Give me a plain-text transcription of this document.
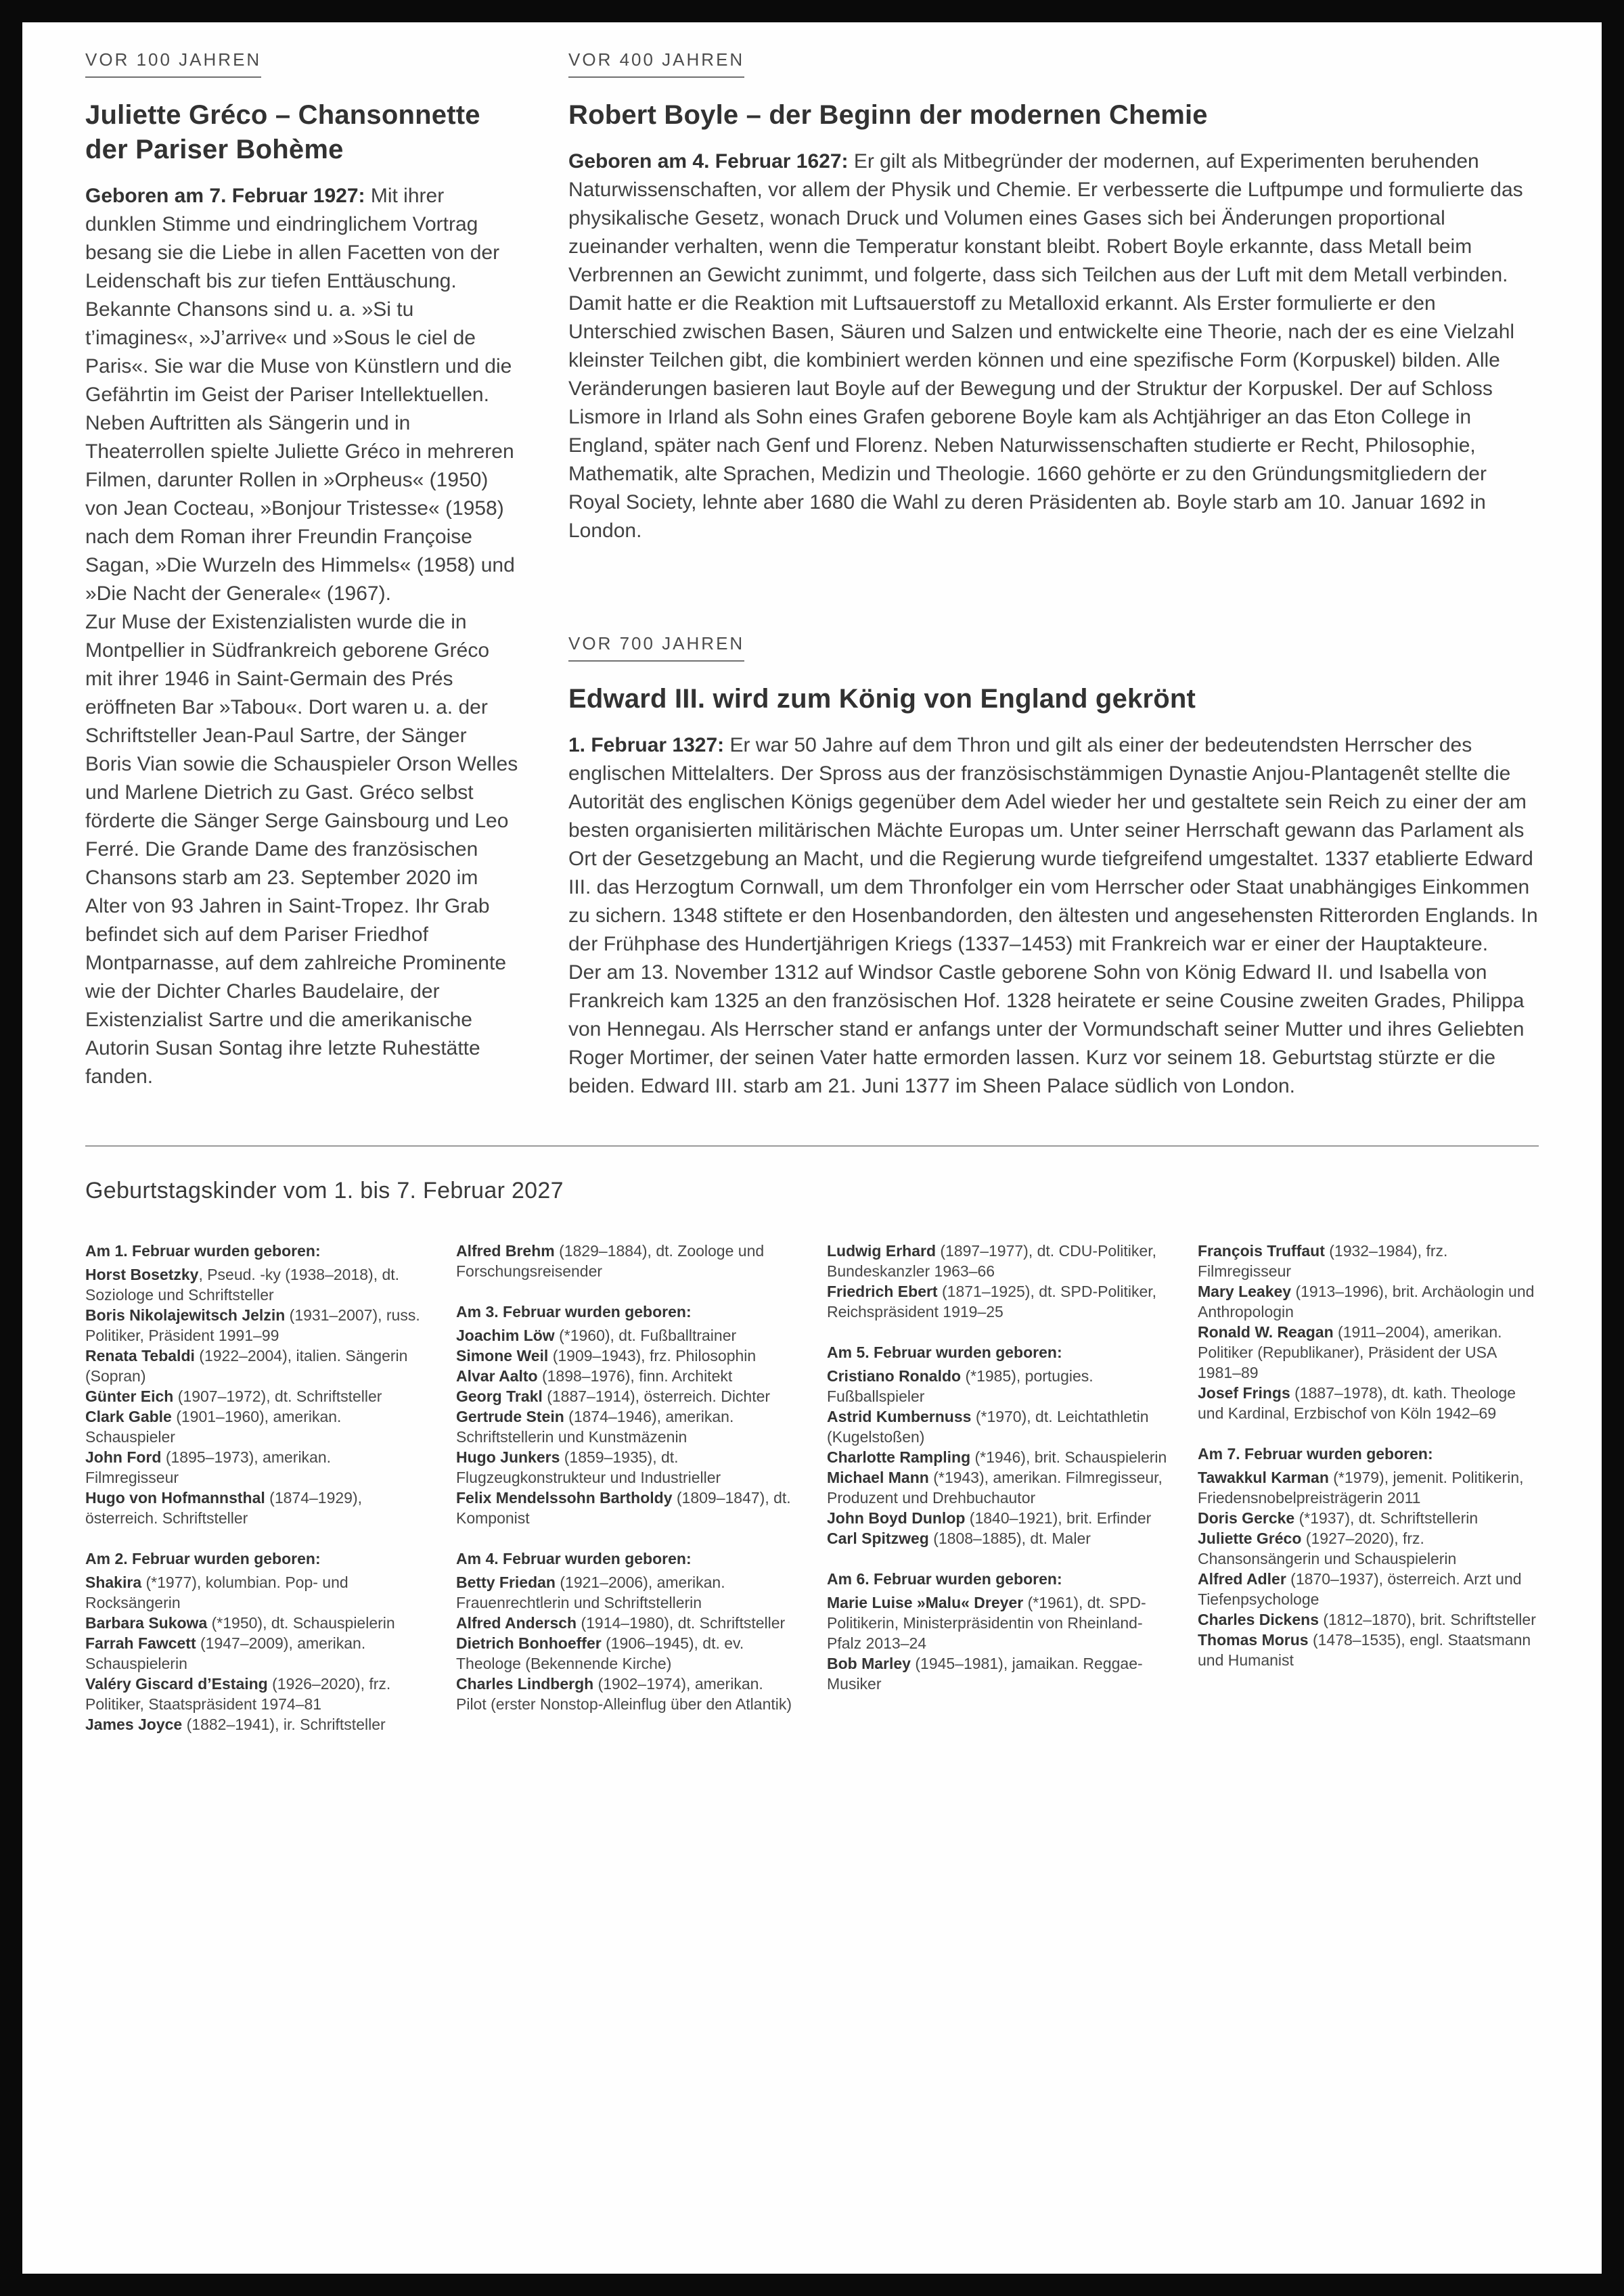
VOR 100 JAHREN
Juliette Gréco – Chansonnette der Pariser Bohème

Geboren am 7. Februar 1927: Mit ihrer dunklen Stimme und eindringlichem Vortrag besang sie die Liebe in allen Facetten von der Leidenschaft bis zur tiefen Enttäuschung. Bekannte Chansons sind u. a. »Si tu t’imagines«, »J’arrive« und »Sous le ciel de Paris«. Sie war die Muse von Künstlern und die Gefährtin im Geist der Pariser Intellektuellen. Neben Auftritten als Sängerin und in Theaterrollen spielte Juliette Gréco in mehreren Filmen, darunter Rollen in »Orpheus« (1950) von Jean Cocteau, »Bonjour Tristesse« (1958) nach dem Roman ihrer Freundin Françoise Sagan, »Die Wurzeln des Himmels« (1958) und »Die Nacht der Generale« (1967).

Zur Muse der Existenzialisten wurde die in Montpellier in Südfrankreich geborene Gréco mit ihrer 1946 in Saint-Germain des Prés eröffneten Bar »Tabou«. Dort waren u. a. der Schriftsteller Jean-Paul Sartre, der Sänger Boris Vian sowie die Schauspieler Orson Welles und Marlene Dietrich zu Gast. Gréco selbst förderte die Sänger Serge Gainsbourg und Leo Ferré. Die Grande Dame des französischen Chansons starb am 23. September 2020 im Alter von 93 Jahren in Saint-Tropez. Ihr Grab befindet sich auf dem Pariser Friedhof Montparnasse, auf dem zahlreiche Prominente wie der Dichter Charles Baudelaire, der Existenzialist Sartre und die amerikanische Autorin Susan Sontag ihre letzte Ruhestätte fanden.

VOR 400 JAHREN
Robert Boyle – der Beginn der modernen Chemie

Geboren am 4. Februar 1627: Er gilt als Mitbegründer der modernen, auf Experimenten beruhenden Naturwissenschaften, vor allem der Physik und Chemie. Er verbesserte die Luftpumpe und formulierte das physikalische Gesetz, wonach Druck und Volumen eines Gases sich bei Änderungen proportional zueinander verhalten, wenn die Temperatur konstant bleibt. Robert Boyle erkannte, dass Metall beim Verbrennen an Gewicht zunimmt, und folgerte, dass sich Teilchen aus der Luft mit dem Metall verbinden. Damit hatte er die Reaktion mit Luftsauerstoff zu Metalloxid erkannt. Als Erster formulierte er den Unterschied zwischen Basen, Säuren und Salzen und entwickelte eine Theorie, nach der es eine Vielzahl kleinster Teilchen gibt, die kombiniert werden können und eine spezifische Form (Korpuskel) bilden. Alle Veränderungen basieren laut Boyle auf der Bewegung und der Struktur der Korpuskel. Der auf Schloss Lismore in Irland als Sohn eines Grafen geborene Boyle kam als Achtjähriger an das Eton College in England, später nach Genf und Florenz. Neben Naturwissenschaften studierte er Recht, Philosophie, Mathematik, alte Sprachen, Medizin und Theologie. 1660 gehörte er zu den Gründungsmitgliedern der Royal Society, lehnte aber 1680 die Wahl zu deren Präsidenten ab. Boyle starb am 10. Januar 1692 in London.

VOR 700 JAHREN
Edward III. wird zum König von England gekrönt

1. Februar 1327: Er war 50 Jahre auf dem Thron und gilt als einer der bedeutendsten Herrscher des englischen Mittelalters. Der Spross aus der französischstämmigen Dynastie Anjou-Plantagenêt stellte die Autorität des englischen Königs gegenüber dem Adel wieder her und gestaltete sein Reich zu einer der am besten organisierten militärischen Mächte Europas um. Unter seiner Herrschaft gewann das Parlament als Ort der Gesetzgebung an Macht, und die Regierung wurde tiefgreifend umgestaltet. 1337 etablierte Edward III. das Herzogtum Cornwall, um dem Thronfolger ein vom Herrscher oder Staat unabhängiges Einkommen zu sichern. 1348 stiftete er den Hosenbandorden, den ältesten und angesehensten Ritterorden Englands. In der Frühphase des Hundertjährigen Kriegs (1337–1453) mit Frankreich war er einer der Hauptakteure.

Der am 13. November 1312 auf Windsor Castle geborene Sohn von König Edward II. und Isabella von Frankreich kam 1325 an den französischen Hof. 1328 heiratete er seine Cousine zweiten Grades, Philippa von Hennegau. Als Herrscher stand er anfangs unter der Vormundschaft seiner Mutter und ihres Geliebten Roger Mortimer, der seinen Vater hatte ermorden lassen. Kurz vor seinem 18. Geburtstag stürzte er die beiden. Edward III. starb am 21. Juni 1377 im Sheen Palace südlich von London.

Geburtstagskinder vom 1. bis 7. Februar 2027
Am 1. Februar wurden geboren:
Horst Bosetzky, Pseud. -ky (1938–2018), dt. Soziologe und Schriftsteller
Boris Nikolajewitsch Jelzin (1931–2007), russ. Politiker, Präsident 1991–99
Renata Tebaldi (1922–2004), italien. Sängerin (Sopran)
Günter Eich (1907–1972), dt. Schriftsteller
Clark Gable (1901–1960), amerikan. Schauspieler
John Ford (1895–1973), amerikan. Filmregisseur
Hugo von Hofmannsthal (1874–1929), österreich. Schriftsteller
Am 2. Februar wurden geboren:
Shakira (*1977), kolumbian. Pop- und Rocksängerin
Barbara Sukowa (*1950), dt. Schauspielerin
Farrah Fawcett (1947–2009), amerikan. Schauspielerin
Valéry Giscard d’Estaing (1926–2020), frz. Politiker, Staatspräsident 1974–81
James Joyce (1882–1941), ir. Schriftsteller
Alfred Brehm (1829–1884), dt. Zoologe und Forschungsreisender
Am 3. Februar wurden geboren:
Joachim Löw (*1960), dt. Fußballtrainer
Simone Weil (1909–1943), frz. Philosophin
Alvar Aalto (1898–1976), finn. Architekt
Georg Trakl (1887–1914), österreich. Dichter
Gertrude Stein (1874–1946), amerikan. Schriftstellerin und Kunstmäzenin
Hugo Junkers (1859–1935), dt. Flugzeugkonstrukteur und Industrieller
Felix Mendelssohn Bartholdy (1809–1847), dt. Komponist
Am 4. Februar wurden geboren:
Betty Friedan (1921–2006), amerikan. Frauenrechtlerin und Schriftstellerin
Alfred Andersch (1914–1980), dt. Schriftsteller
Dietrich Bonhoeffer (1906–1945), dt. ev. Theologe (Bekennende Kirche)
Charles Lindbergh (1902–1974), amerikan. Pilot (erster Nonstop-Alleinflug über den Atlantik)
Ludwig Erhard (1897–1977), dt. CDU-Politiker, Bundeskanzler 1963–66
Friedrich Ebert (1871–1925), dt. SPD-Politiker, Reichspräsident 1919–25
Am 5. Februar wurden geboren:
Cristiano Ronaldo (*1985), portugies. Fußballspieler
Astrid Kumbernuss (*1970), dt. Leichtathletin (Kugelstoßen)
Charlotte Rampling (*1946), brit. Schauspielerin
Michael Mann (*1943), amerikan. Filmregisseur, Produzent und Drehbuchautor
John Boyd Dunlop (1840–1921), brit. Erfinder
Carl Spitzweg (1808–1885), dt. Maler
Am 6. Februar wurden geboren:
Marie Luise »Malu« Dreyer (*1961), dt. SPD-Politikerin, Ministerpräsidentin von Rheinland-Pfalz 2013–24
Bob Marley (1945–1981), jamaikan. Reggae-Musiker
François Truffaut (1932–1984), frz. Filmregisseur
Mary Leakey (1913–1996), brit. Archäologin und Anthropologin
Ronald W. Reagan (1911–2004), amerikan. Politiker (Republikaner), Präsident der USA 1981–89
Josef Frings (1887–1978), dt. kath. Theologe und Kardinal, Erzbischof von Köln 1942–69
Am 7. Februar wurden geboren:
Tawakkul Karman (*1979), jemenit. Politikerin, Friedensnobelpreisträgerin 2011
Doris Gercke (*1937), dt. Schriftstellerin
Juliette Gréco (1927–2020), frz. Chansonsängerin und Schauspielerin
Alfred Adler (1870–1937), österreich. Arzt und Tiefenpsychologe
Charles Dickens (1812–1870), brit. Schriftsteller
Thomas Morus (1478–1535), engl. Staatsmann und Humanist
